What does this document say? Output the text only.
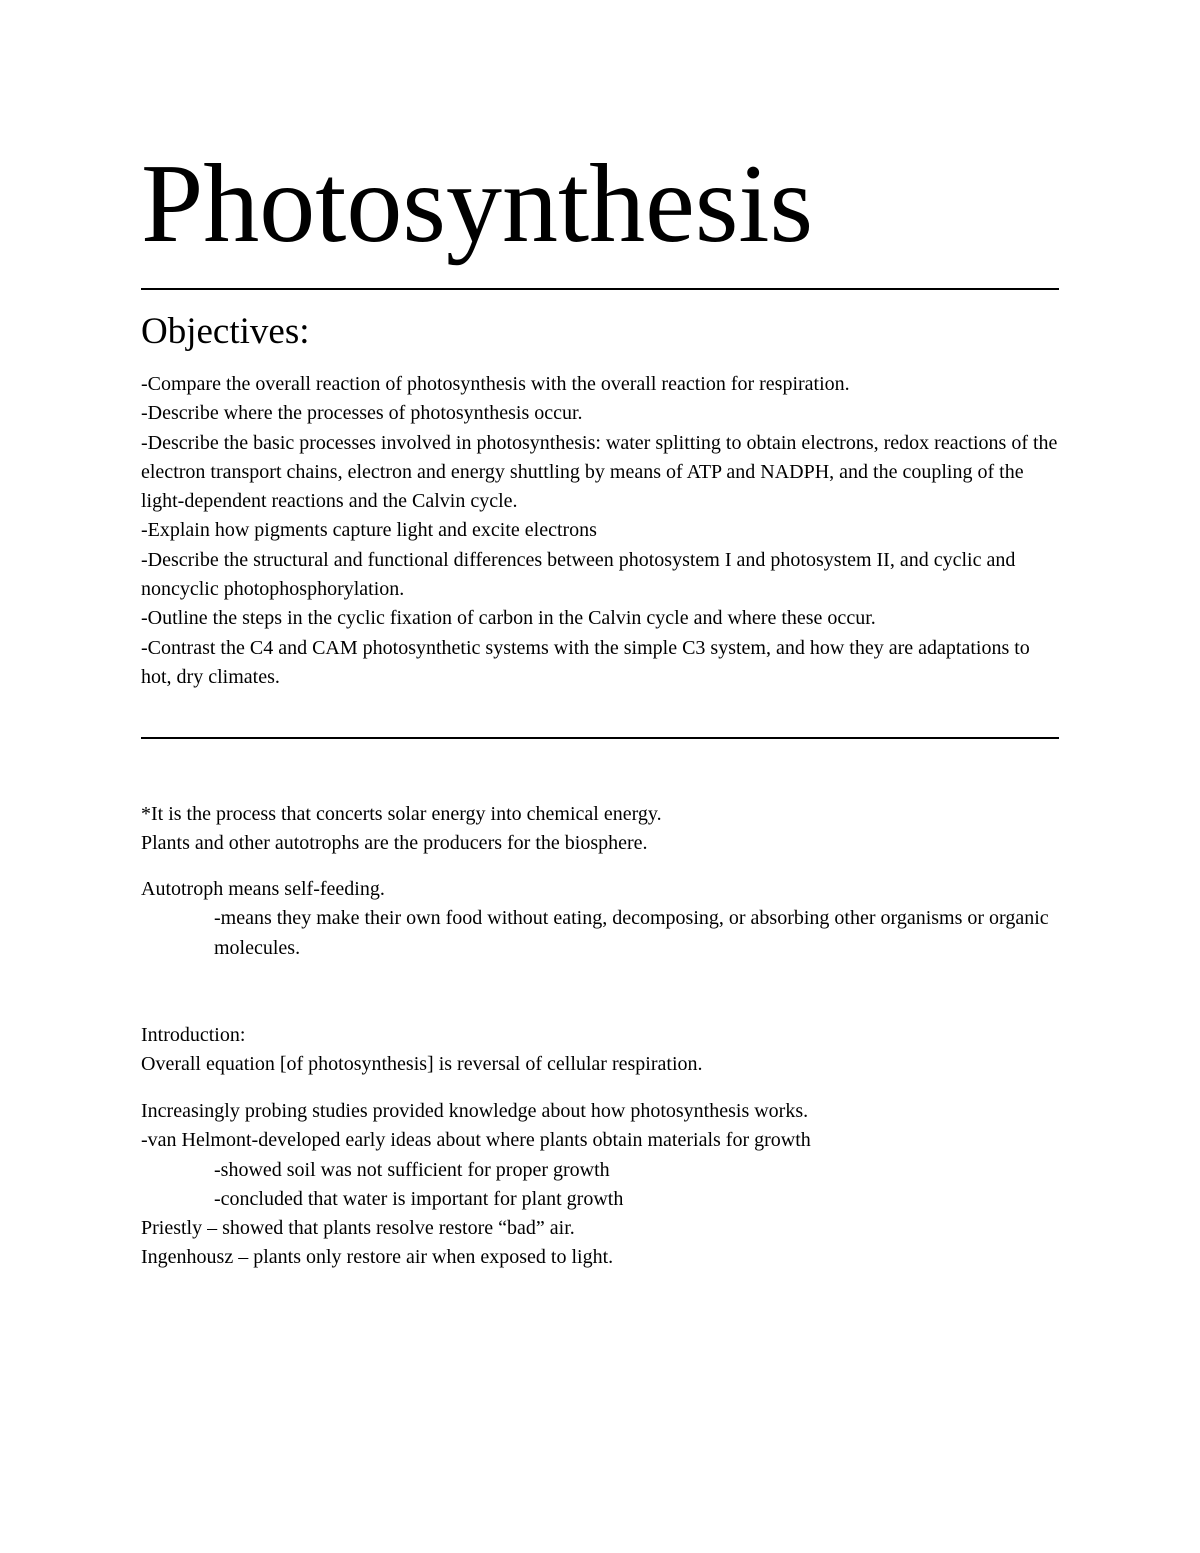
Photosynthesis
Objectives:

-Compare the overall reaction of photosynthesis with the overall reaction for respiration.

-Describe where the processes of photosynthesis occur.

-Describe the basic processes involved in photosynthesis: water splitting to obtain electrons, redox reactions of the electron transport chains, electron and energy shuttling by means of ATP and NADPH, and the coupling of the light-dependent reactions and the Calvin cycle.

-Explain how pigments capture light and excite electrons

-Describe the structural and functional differences between photosystem I and photosystem II, and cyclic and noncyclic photophosphorylation.

-Outline the steps in the cyclic fixation of carbon in the Calvin cycle and where these occur.

-Contrast the C4 and CAM photosynthetic systems with the simple C3 system, and how they are adaptations to hot, dry climates.

*It is the process that concerts solar energy into chemical energy.

Plants and other autotrophs are the producers for the biosphere.

Autotroph means self-feeding.

-means they make their own food without eating, decomposing, or absorbing other organisms or organic molecules.

Introduction:

Overall equation [of photosynthesis] is reversal of cellular respiration.

Increasingly probing studies provided knowledge about how photosynthesis works.

-van Helmont-developed early ideas about where plants obtain materials for growth

-showed soil was not sufficient for proper growth

-concluded that water is important for plant growth

Priestly – showed that plants resolve restore “bad” air.

Ingenhousz – plants only restore air when exposed to light.
